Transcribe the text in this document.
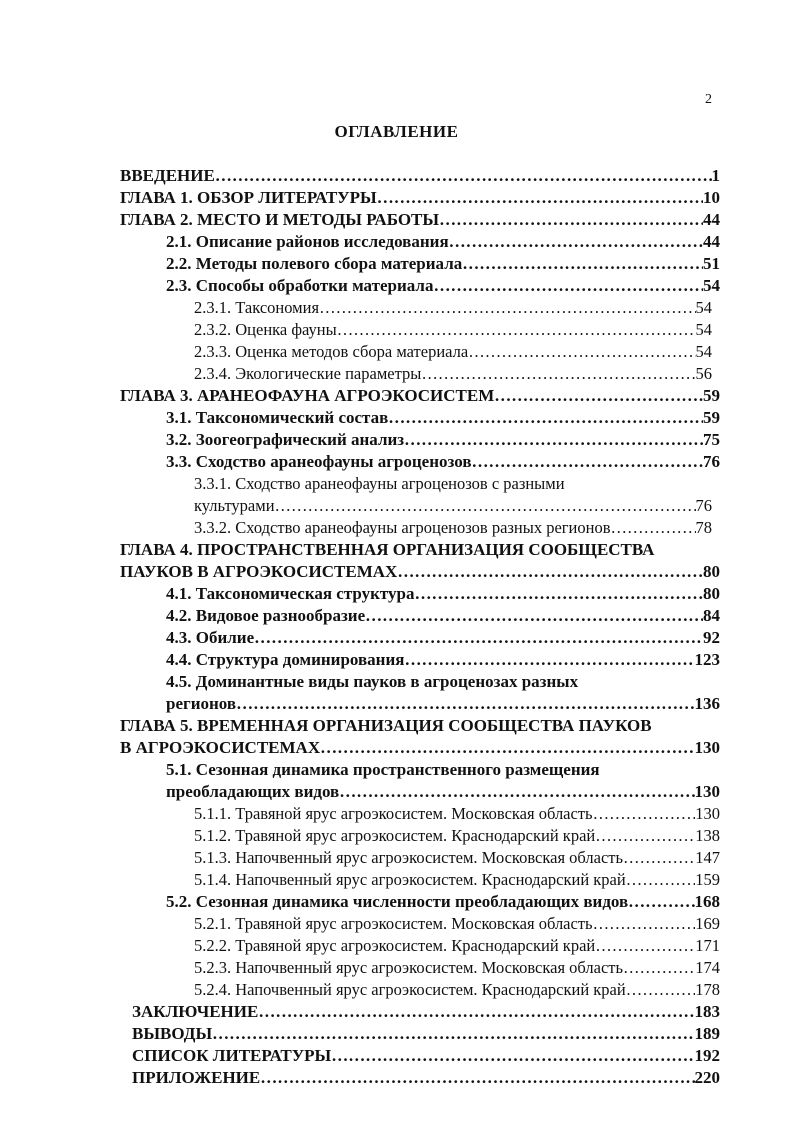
2
ОГЛАВЛЕНИЕ
ВВЕДЕНИЕ ……………………………………………………………………………………………………………………………………………………………………………………	1
ГЛАВА 1. ОБЗОР ЛИТЕРАТУРЫ ……………………………………………………………………………………………………………………………………………………………………………………	10
ГЛАВА 2. МЕСТО И МЕТОДЫ РАБОТЫ ……………………………………………………………………………………………………………………………………………………………………………………	44
2.1. Описание районов исследования ……………………………………………………………………………………………………………………………………………………………………………………	44
2.2. Методы полевого сбора материала ……………………………………………………………………………………………………………………………………………………………………………………	51
2.3. Способы обработки материала ……………………………………………………………………………………………………………………………………………………………………………………	54
2.3.1. Таксономия ……………………………………………………………………………………………………………………………………………………………………………………	54
2.3.2. Оценка фауны ……………………………………………………………………………………………………………………………………………………………………………………	54
2.3.3. Оценка методов сбора материала ……………………………………………………………………………………………………………………………………………………………………………………	54
2.3.4. Экологические параметры ……………………………………………………………………………………………………………………………………………………………………………………	56
ГЛАВА 3. АРАНЕОФАУНА АГРОЭКОСИСТЕМ ……………………………………………………………………………………………………………………………………………………………………………………	59
3.1. Таксономический состав ……………………………………………………………………………………………………………………………………………………………………………………	59
3.2. Зоогеографический анализ ……………………………………………………………………………………………………………………………………………………………………………………	75
3.3. Сходство аранеофауны агроценозов ……………………………………………………………………………………………………………………………………………………………………………………	76
3.3.1. Сходство аранеофауны агроценозов с разными
культурами ……………………………………………………………………………………………………………………………………………………………………………………	76
3.3.2. Сходство аранеофауны агроценозов разных регионов ……………………………………………………………………………………………………………………………………………………………………………………	78
ГЛАВА 4. ПРОСТРАНСТВЕННАЯ ОРГАНИЗАЦИЯ СООБЩЕСТВА
ПАУКОВ В АГРОЭКОСИСТЕМАХ ……………………………………………………………………………………………………………………………………………………………………………………	80
4.1. Таксономическая структура ……………………………………………………………………………………………………………………………………………………………………………………	80
4.2. Видовое разнообразие ……………………………………………………………………………………………………………………………………………………………………………………	84
4.3. Обилие ……………………………………………………………………………………………………………………………………………………………………………………	92
4.4. Структура доминирования ……………………………………………………………………………………………………………………………………………………………………………………	123
4.5. Доминантные виды пауков в агроценозах разных
регионов ……………………………………………………………………………………………………………………………………………………………………………………	136
ГЛАВА 5. ВРЕМЕННАЯ ОРГАНИЗАЦИЯ СООБЩЕСТВА ПАУКОВ
В АГРОЭКОСИСТЕМАХ ……………………………………………………………………………………………………………………………………………………………………………………	130
5.1. Сезонная динамика пространственного размещения
преобладающих видов ……………………………………………………………………………………………………………………………………………………………………………………	130
5.1.1. Травяной ярус агроэкосистем. Московская область ……………………………………………………………………………………………………………………………………………………………………………………	130
5.1.2. Травяной ярус агроэкосистем. Краснодарский край ……………………………………………………………………………………………………………………………………………………………………………………	138
5.1.3. Напочвенный ярус агроэкосистем. Московская область ……………………………………………………………………………………………………………………………………………………………………………………	147
5.1.4. Напочвенный ярус агроэкосистем. Краснодарский край ……………………………………………………………………………………………………………………………………………………………………………………	159
5.2. Сезонная динамика численности преобладающих видов ……………………………………………………………………………………………………………………………………………………………………………………	168
5.2.1. Травяной ярус агроэкосистем. Московская область ……………………………………………………………………………………………………………………………………………………………………………………	169
5.2.2. Травяной ярус агроэкосистем. Краснодарский край ……………………………………………………………………………………………………………………………………………………………………………………	171
5.2.3. Напочвенный ярус агроэкосистем. Московская область ……………………………………………………………………………………………………………………………………………………………………………………	174
5.2.4. Напочвенный ярус агроэкосистем. Краснодарский край ……………………………………………………………………………………………………………………………………………………………………………………	178
ЗАКЛЮЧЕНИЕ ……………………………………………………………………………………………………………………………………………………………………………………	183
ВЫВОДЫ ……………………………………………………………………………………………………………………………………………………………………………………	189
СПИСОК ЛИТЕРАТУРЫ ……………………………………………………………………………………………………………………………………………………………………………………	192
ПРИЛОЖЕНИЕ ……………………………………………………………………………………………………………………………………………………………………………………	220
